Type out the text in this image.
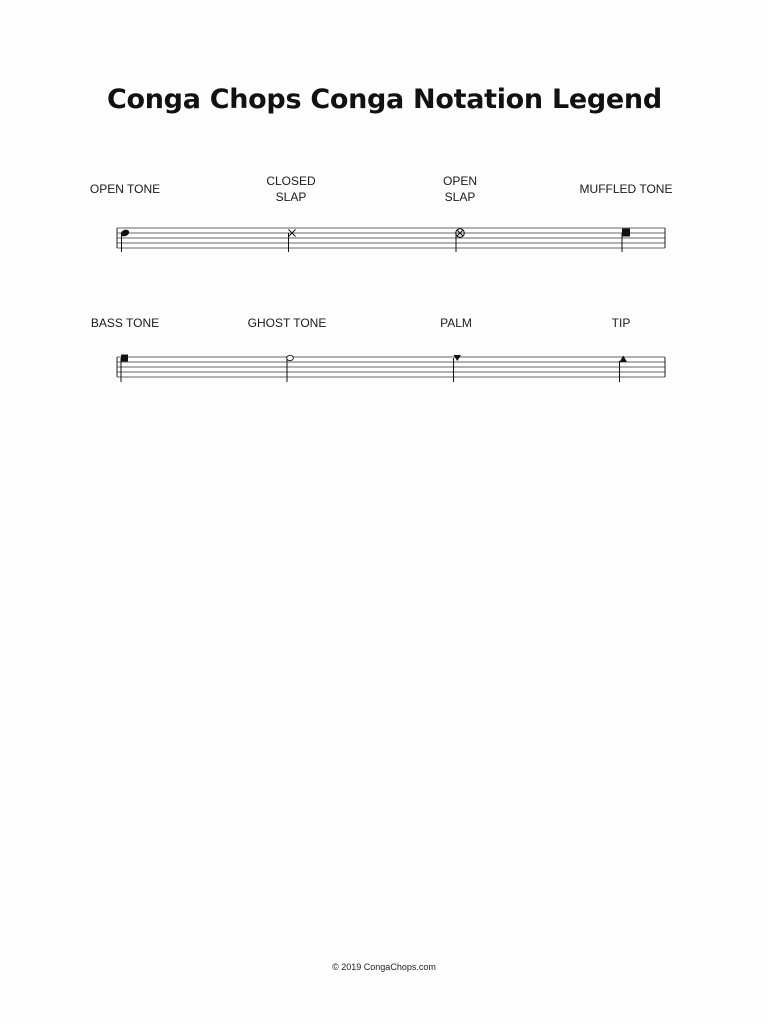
Conga Chops Conga Notation Legend
OPEN TONE
CLOSED
SLAP
OPEN
SLAP
MUFFLED TONE
BASS TONE	GHOST TONE	PALM	TIP
© 2019 CongaChops.com
